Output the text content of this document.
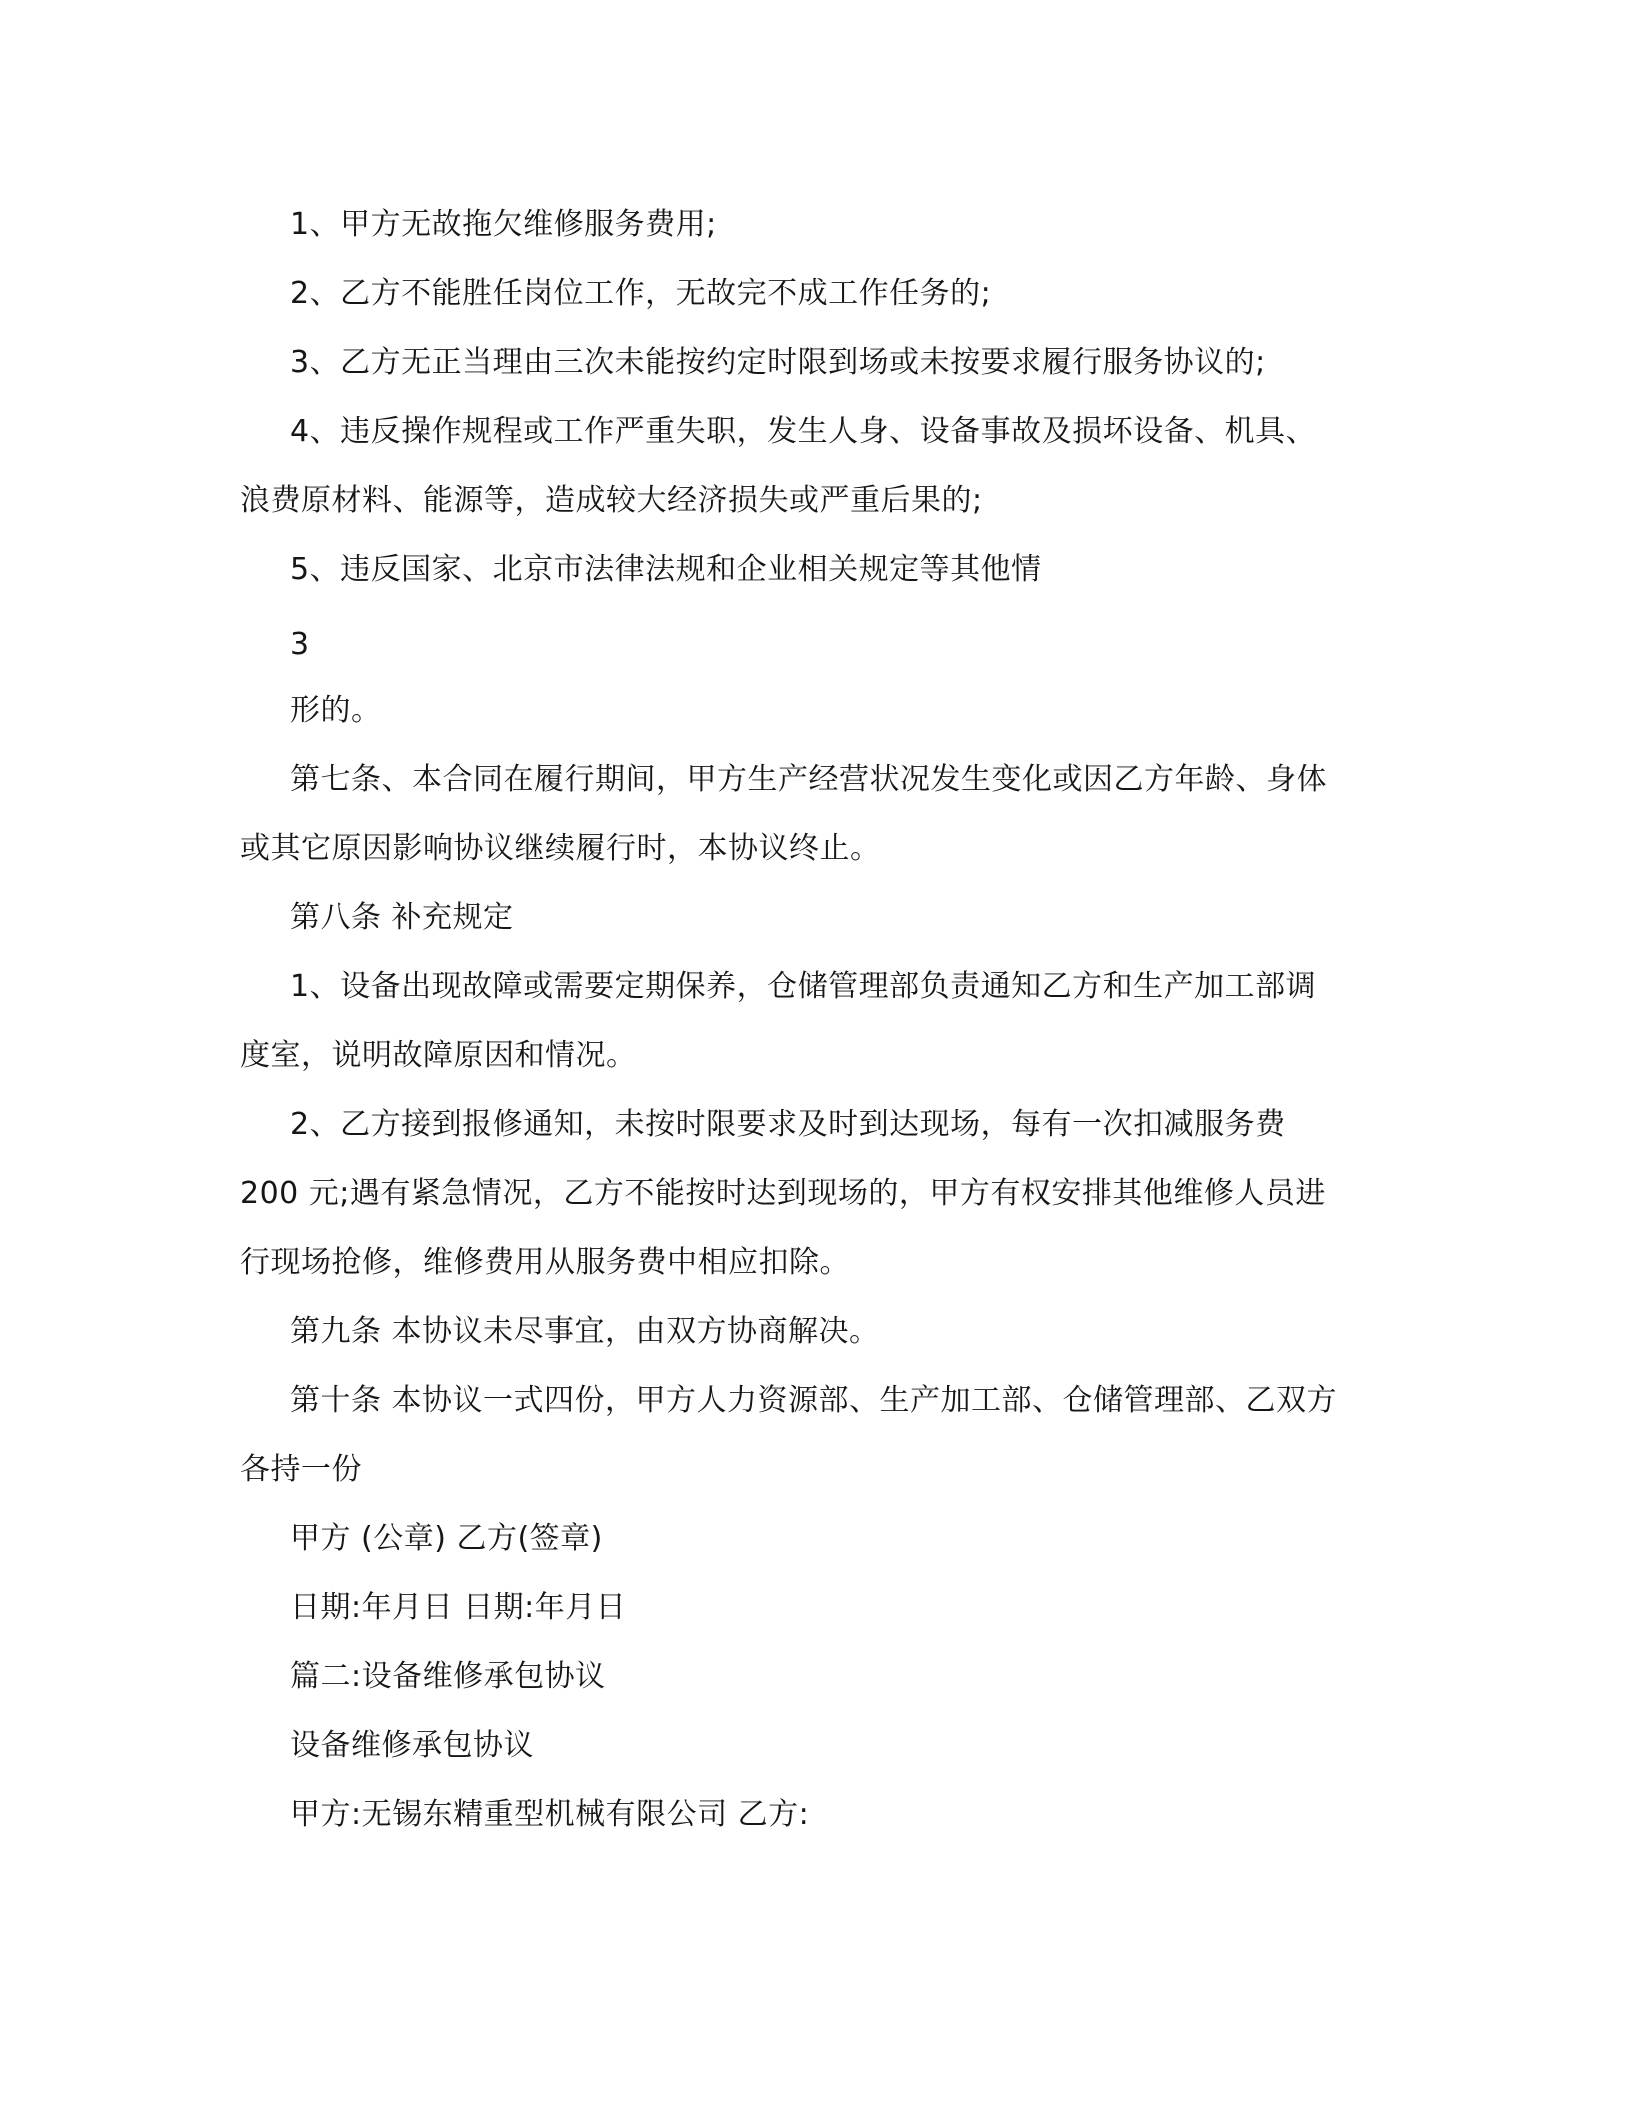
1、甲方无故拖欠维修服务费用;
2、乙方不能胜任岗位工作，无故完不成工作任务的;
3、乙方无正当理由三次未能按约定时限到场或未按要求履行服务协议的;
4、违反操作规程或工作严重失职，发生人身、设备事故及损坏设备、机具、
浪费原材料、能源等，造成较大经济损失或严重后果的;
5、违反国家、北京市法律法规和企业相关规定等其他情
3
形的。
第七条、本合同在履行期间，甲方生产经营状况发生变化或因乙方年龄、身体
或其它原因影响协议继续履行时，本协议终止。
第八条 补充规定
1、设备出现故障或需要定期保养，仓储管理部负责通知乙方和生产加工部调
度室，说明故障原因和情况。
2、乙方接到报修通知，未按时限要求及时到达现场，每有一次扣减服务费
200 元;遇有紧急情况，乙方不能按时达到现场的，甲方有权安排其他维修人员进
行现场抢修，维修费用从服务费中相应扣除。
第九条 本协议未尽事宜，由双方协商解决。
第十条 本协议一式四份，甲方人力资源部、生产加工部、仓储管理部、乙双方
各持一份
甲方 (公章) 乙方(签章)
日期:年月日 日期:年月日
篇二:设备维修承包协议
设备维修承包协议
甲方:无锡东精重型机械有限公司 乙方:
